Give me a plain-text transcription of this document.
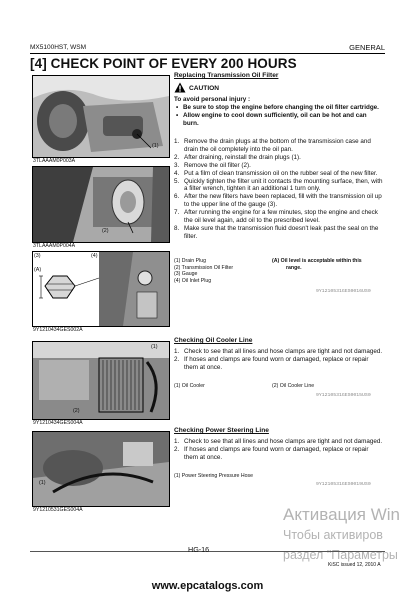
MX5100HST, WSM	GENERAL
[4] CHECK POINT OF EVERY 200 HOURS
(1)
3TLAAAM0P003A
(2)
3TLAAAM0P004A
(3)	(4)
(A)
9Y1210434GES002A
(1)
(2)
9Y1210434GES004A
(1)
9Y1210531GES004A
Replacing Transmission Oil Filter
CAUTION
To avoid personal injury :
• Be sure to stop the engine before changing the oil filter cartridge.
• Allow engine to cool down sufficiently, oil can be hot and can burn.
1. Remove the drain plugs at the bottom of the transmission case and drain the oil completely into the oil pan.
2. After draining, reinstall the drain plugs (1).
3. Remove the oil filter (2).
4. Put a film of clean transmission oil on the rubber seal of the new filter.
5. Quickly tighten the filter unit it contacts the mounting surface, then, with a filter wrench, tighten it an additional 1 turn only.
6. After the new filters have been replaced, fill with the transmission oil up to the upper line of the gauge (3).
7. After running the engine for a few minutes, stop the engine and check the oil level again, add oil to the prescribed level.
8. Make sure that the transmission fluid doesn't leak past the seal on the filter.
(1) Drain Plug
(2) Transmission Oil Filter
(3) Gauge
(4) Oil Inlet Plug
(A) Oil level is acceptable within this
range.
9Y1210531GES0016US0
Checking Oil Cooler Line
1. Check to see that all lines and hose clamps are tight and not damaged.
2. If hoses and clamps are found worn or damaged, replace or repair them at once.
(1) Oil Cooler	(2) Oil Cooler Line
9Y1210531GES0015US0
Checking Power Steering Line
1. Check to see that all lines and hose clamps are tight and not damaged.
2. If hoses and clamps are found worn or damaged, replace or repair them at once.
(1) Power Steering Pressure Hose
9Y1210531GES0019US0
Активация Win
Чтобы активиров
раздел "Параметры
HG-16
KiSC issued 12, 2010 A
www.epcatalogs.com
